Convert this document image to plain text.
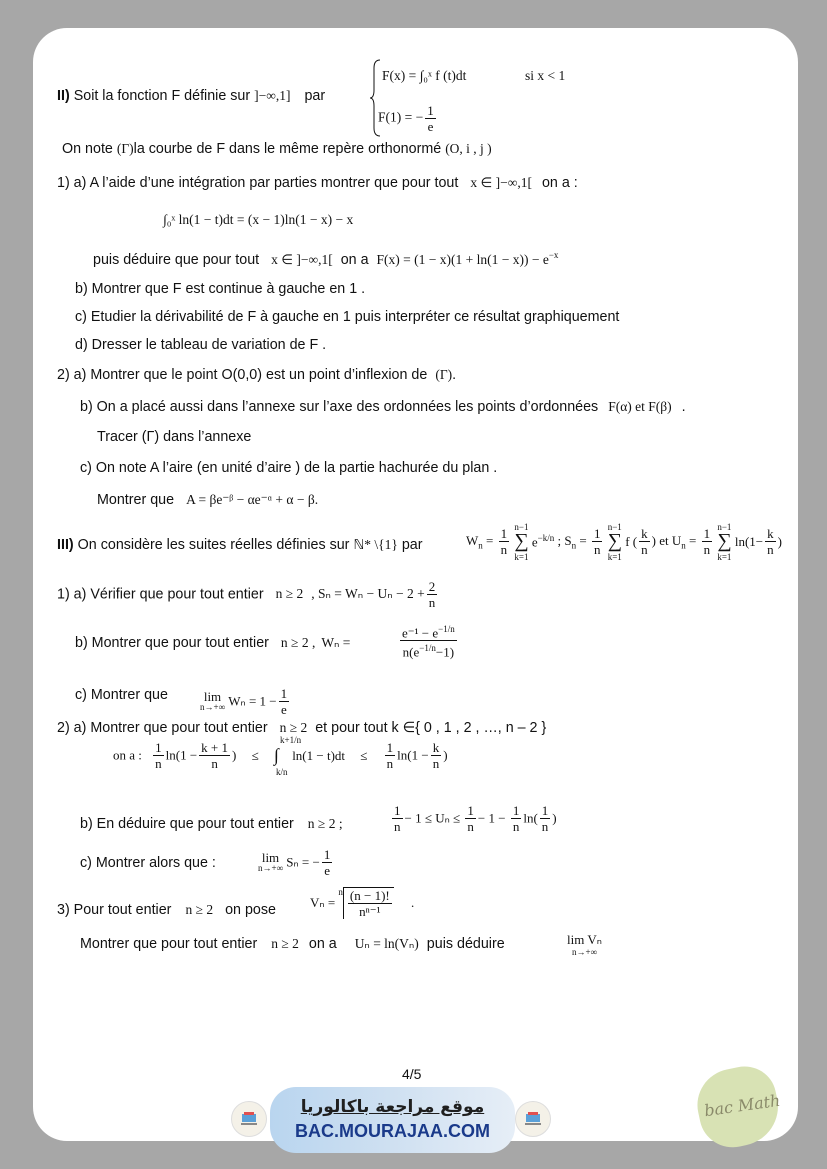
F(x) = ∫₀ˣ f (t)dt	si x < 1
F(1) = − $\frac{1}{e}$
II) Soit la fonction F définie sur ]−∞,1] par
On note (Γ)la courbe de F dans le même repère orthonormé (O, i , j )
1) a) A l’aide d’une intégration par parties montrer que pour tout x ∈ ]−∞,1[ on a :
∫₀ˣ ln(1 − t)dt = (x − 1)ln(1 − x) − x
puis déduire que pour tout x ∈ ]−∞,1[ on a $F(x) = (1 - x)(1 + \ln(1 - x)) - e^{-x}$
b) Montrer que F est continue à gauche en 1 .
c) Etudier la dérivabilité de F à gauche en 1 puis interpréter ce résultat graphiquement
d) Dresser le tableau de variation de F .
2) a) Montrer que le point O(0,0) est un point d’inflexion de (Γ).
b) On a placé aussi dans l’annexe sur l’axe des ordonnées les points d’ordonnées F(α) et F(β) .
Tracer (Γ) dans l’annexe
c) On note A l’aire (en unité d’aire ) de la partie hachurée du plan .
Montrer que A = βe⁻ᵝ − αe⁻ᵅ + α − β.
III) On considère les suites réelles définies sur ℕ* \{1} par	$W_n = \frac{1}{n}$ ∑
n−1
k=1
$e^{-k/n}$ ; $S_n = \frac{1}{n}$ ∑
n−1
k=1
f ( $\frac{k}{n}$ ) et $U_n = \frac{1}{n}$ ∑
n−1
k=1
$\ln(1- \frac{k}{n}$ )
1) a) Vérifier que pour tout entier n ≥ 2 , $S_n = W_n - U_n - 2 + \frac{2}{n}$
b) Montrer que pour tout entier n ≥ 2 , Wₙ =	$\frac{e^{-1} - e^{-1/n}}{n(e^{-1/n}-1)}$
c) Montrer que	lim
n→+∞ $W_n = 1 - \frac{1}{e}$
2) a) Montrer que pour tout entier n ≥ 2 et pour tout k ∈{ 0 , 1 , 2 , …, n – 2 }
on a : $\frac{1}{n} \ln(1 - \frac{k + 1}{n}$ ) ≤ ∫
k+1/n
k/n
$\ln(1 - t)dt \le \frac{1}{n} \ln(1 - \frac{k}{n}$ )
b) En déduire que pour tout entier n ≥ 2 ;	$\frac{1}{n} - 1 \le U_n \le \frac{1}{n} - 1 - \frac{1}{n} \ln( \frac{1}{n}$ )
c) Montrer alors que :	lim
n→+∞ Sₙ = − $\frac{1}{e}$
3) Pour tout entier n ≥ 2 on pose	$V_n = ^n \frac{(n - 1)!}{\text{nⁿ⁻¹}}$ .
Montrer que pour tout entier n ≥ 2 on a Uₙ = ln(Vₙ) puis déduire	lim Vₙ
n→+∞
4/5
موقع مراجعة باكالوريا
BAC.MOURAJAA.COM
bac Math
